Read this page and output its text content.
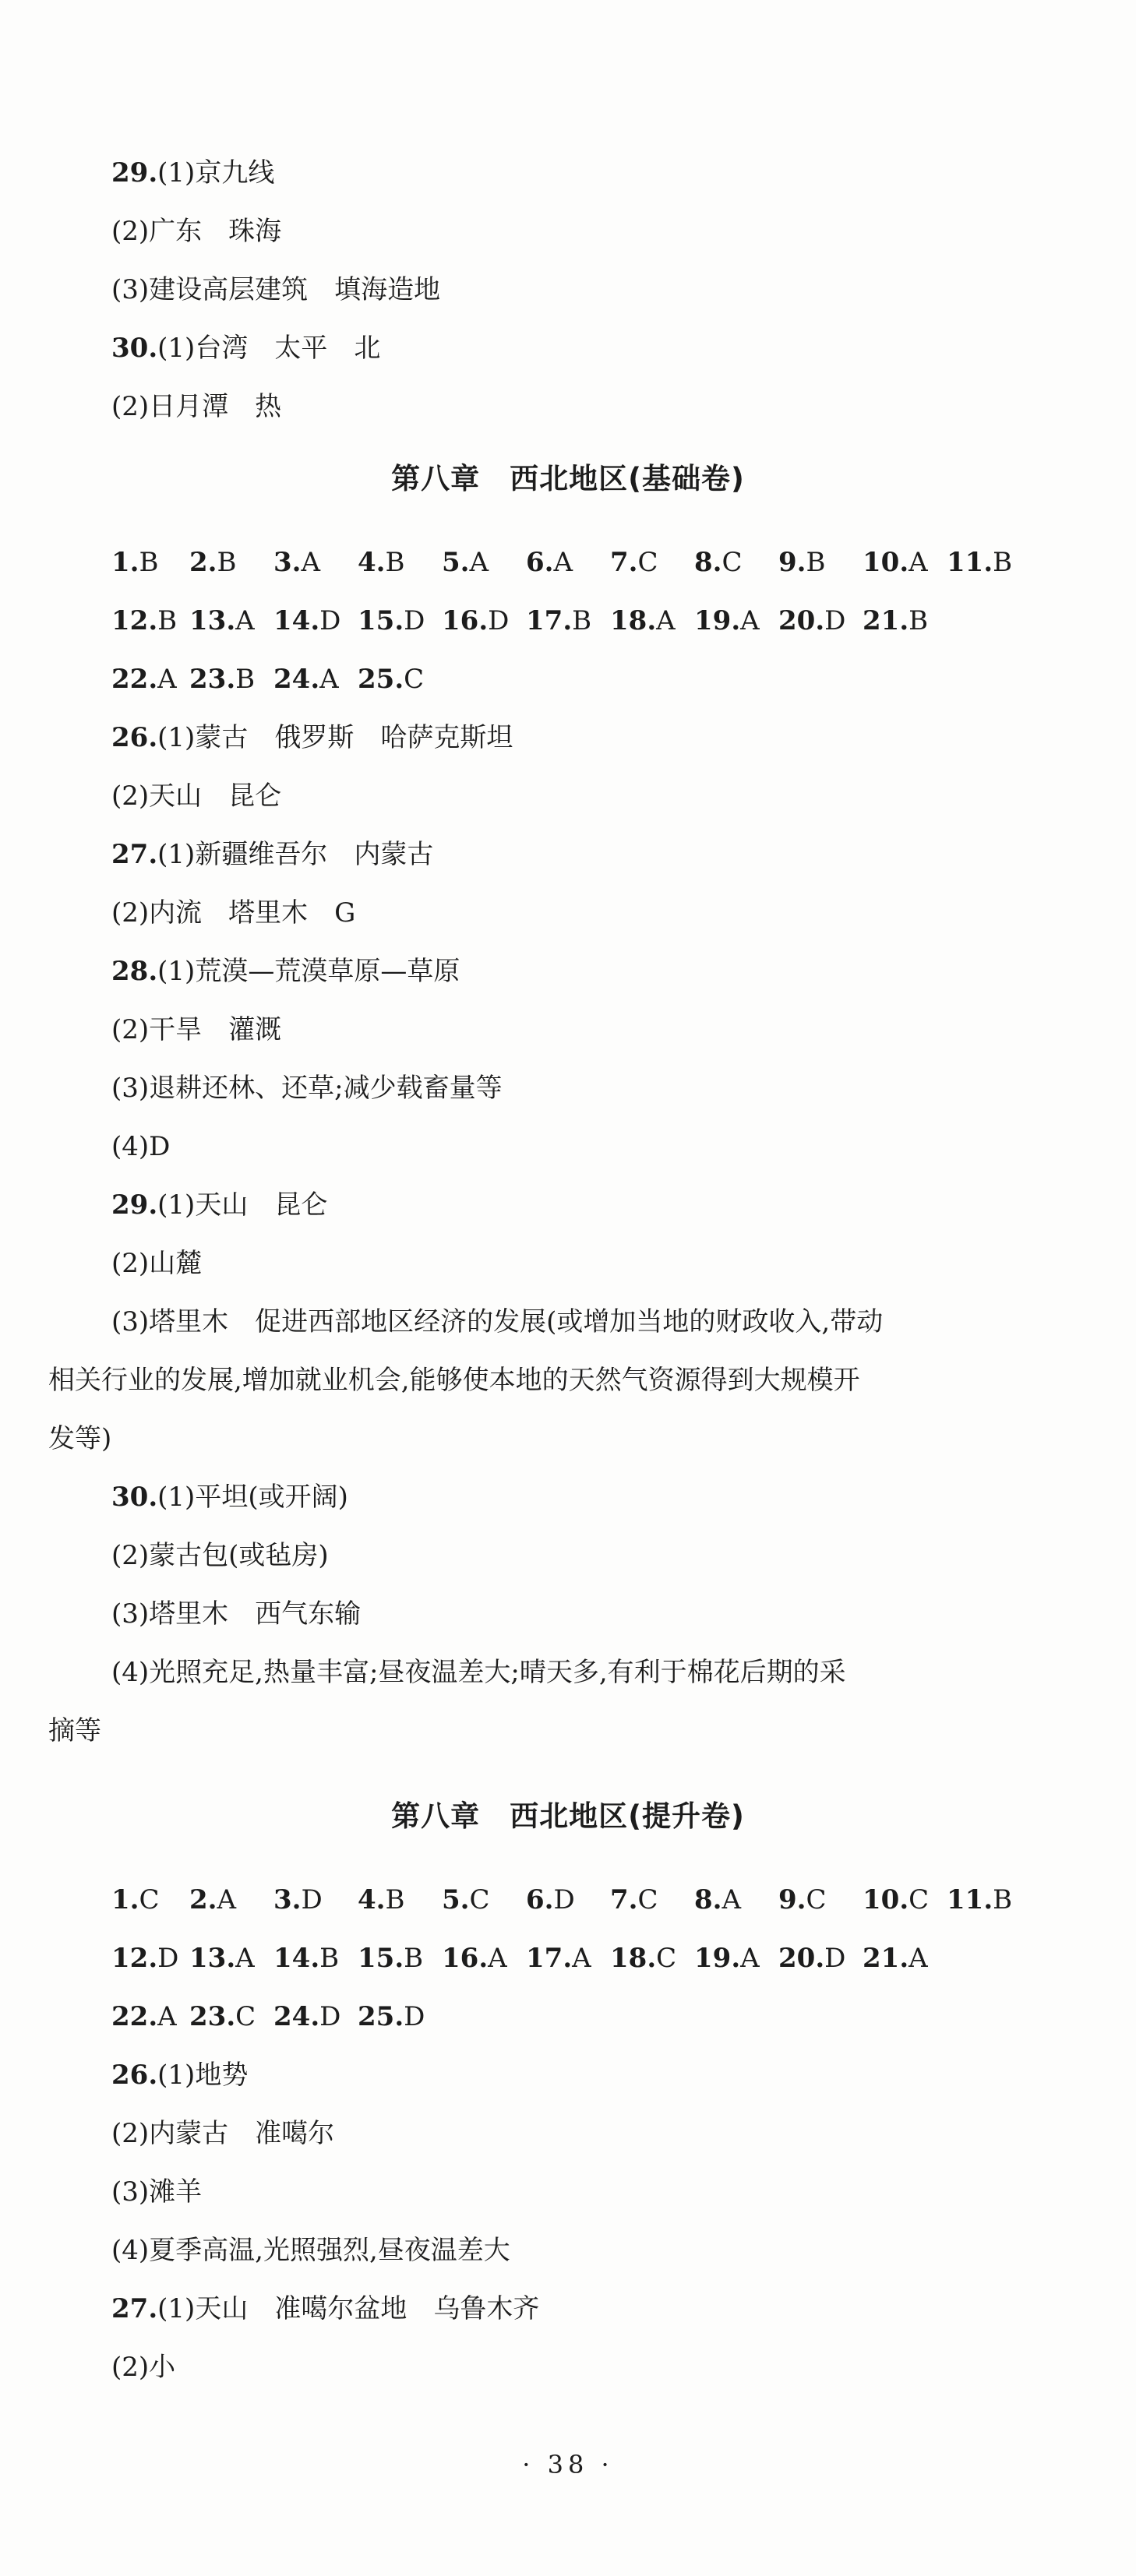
29.(1)京九线
(2)广东　珠海
(3)建设高层建筑　填海造地
30.(1)台湾　太平　北
(2)日月潭　热
第八章　西北地区(基础卷)
1.B	2.B	3.A	4.B	5.A	6.A	7.C	8.C	9.B	10.A 11.B
12.B 13.A 14.D 15.D 16.D 17.B 18.A 19.A 20.D 21.B
22.A 23.B 24.A 25.C
26.(1)蒙古　俄罗斯　哈萨克斯坦
(2)天山　昆仑
27.(1)新疆维吾尔　内蒙古
(2)内流　塔里木　G
28.(1)荒漠—荒漠草原—草原
(2)干旱　灌溉
(3)退耕还林、还草;减少载畜量等
(4)D
29.(1)天山　昆仑
(2)山麓
(3)塔里木　促进西部地区经济的发展(或增加当地的财政收入,带动
相关行业的发展,增加就业机会,能够使本地的天然气资源得到大规模开
发等)
30.(1)平坦(或开阔)
(2)蒙古包(或毡房)
(3)塔里木　西气东输
(4)光照充足,热量丰富;昼夜温差大;晴天多,有利于棉花后期的采
摘等
第八章　西北地区(提升卷)
1.C	2.A	3.D	4.B	5.C	6.D	7.C	8.A	9.C	10.C 11.B
12.D 13.A 14.B 15.B 16.A 17.A 18.C 19.A 20.D 21.A
22.A 23.C 24.D 25.D
26.(1)地势
(2)内蒙古　准噶尔
(3)滩羊
(4)夏季高温,光照强烈,昼夜温差大
27.(1)天山　准噶尔盆地　乌鲁木齐
(2)小
· 38 ·
